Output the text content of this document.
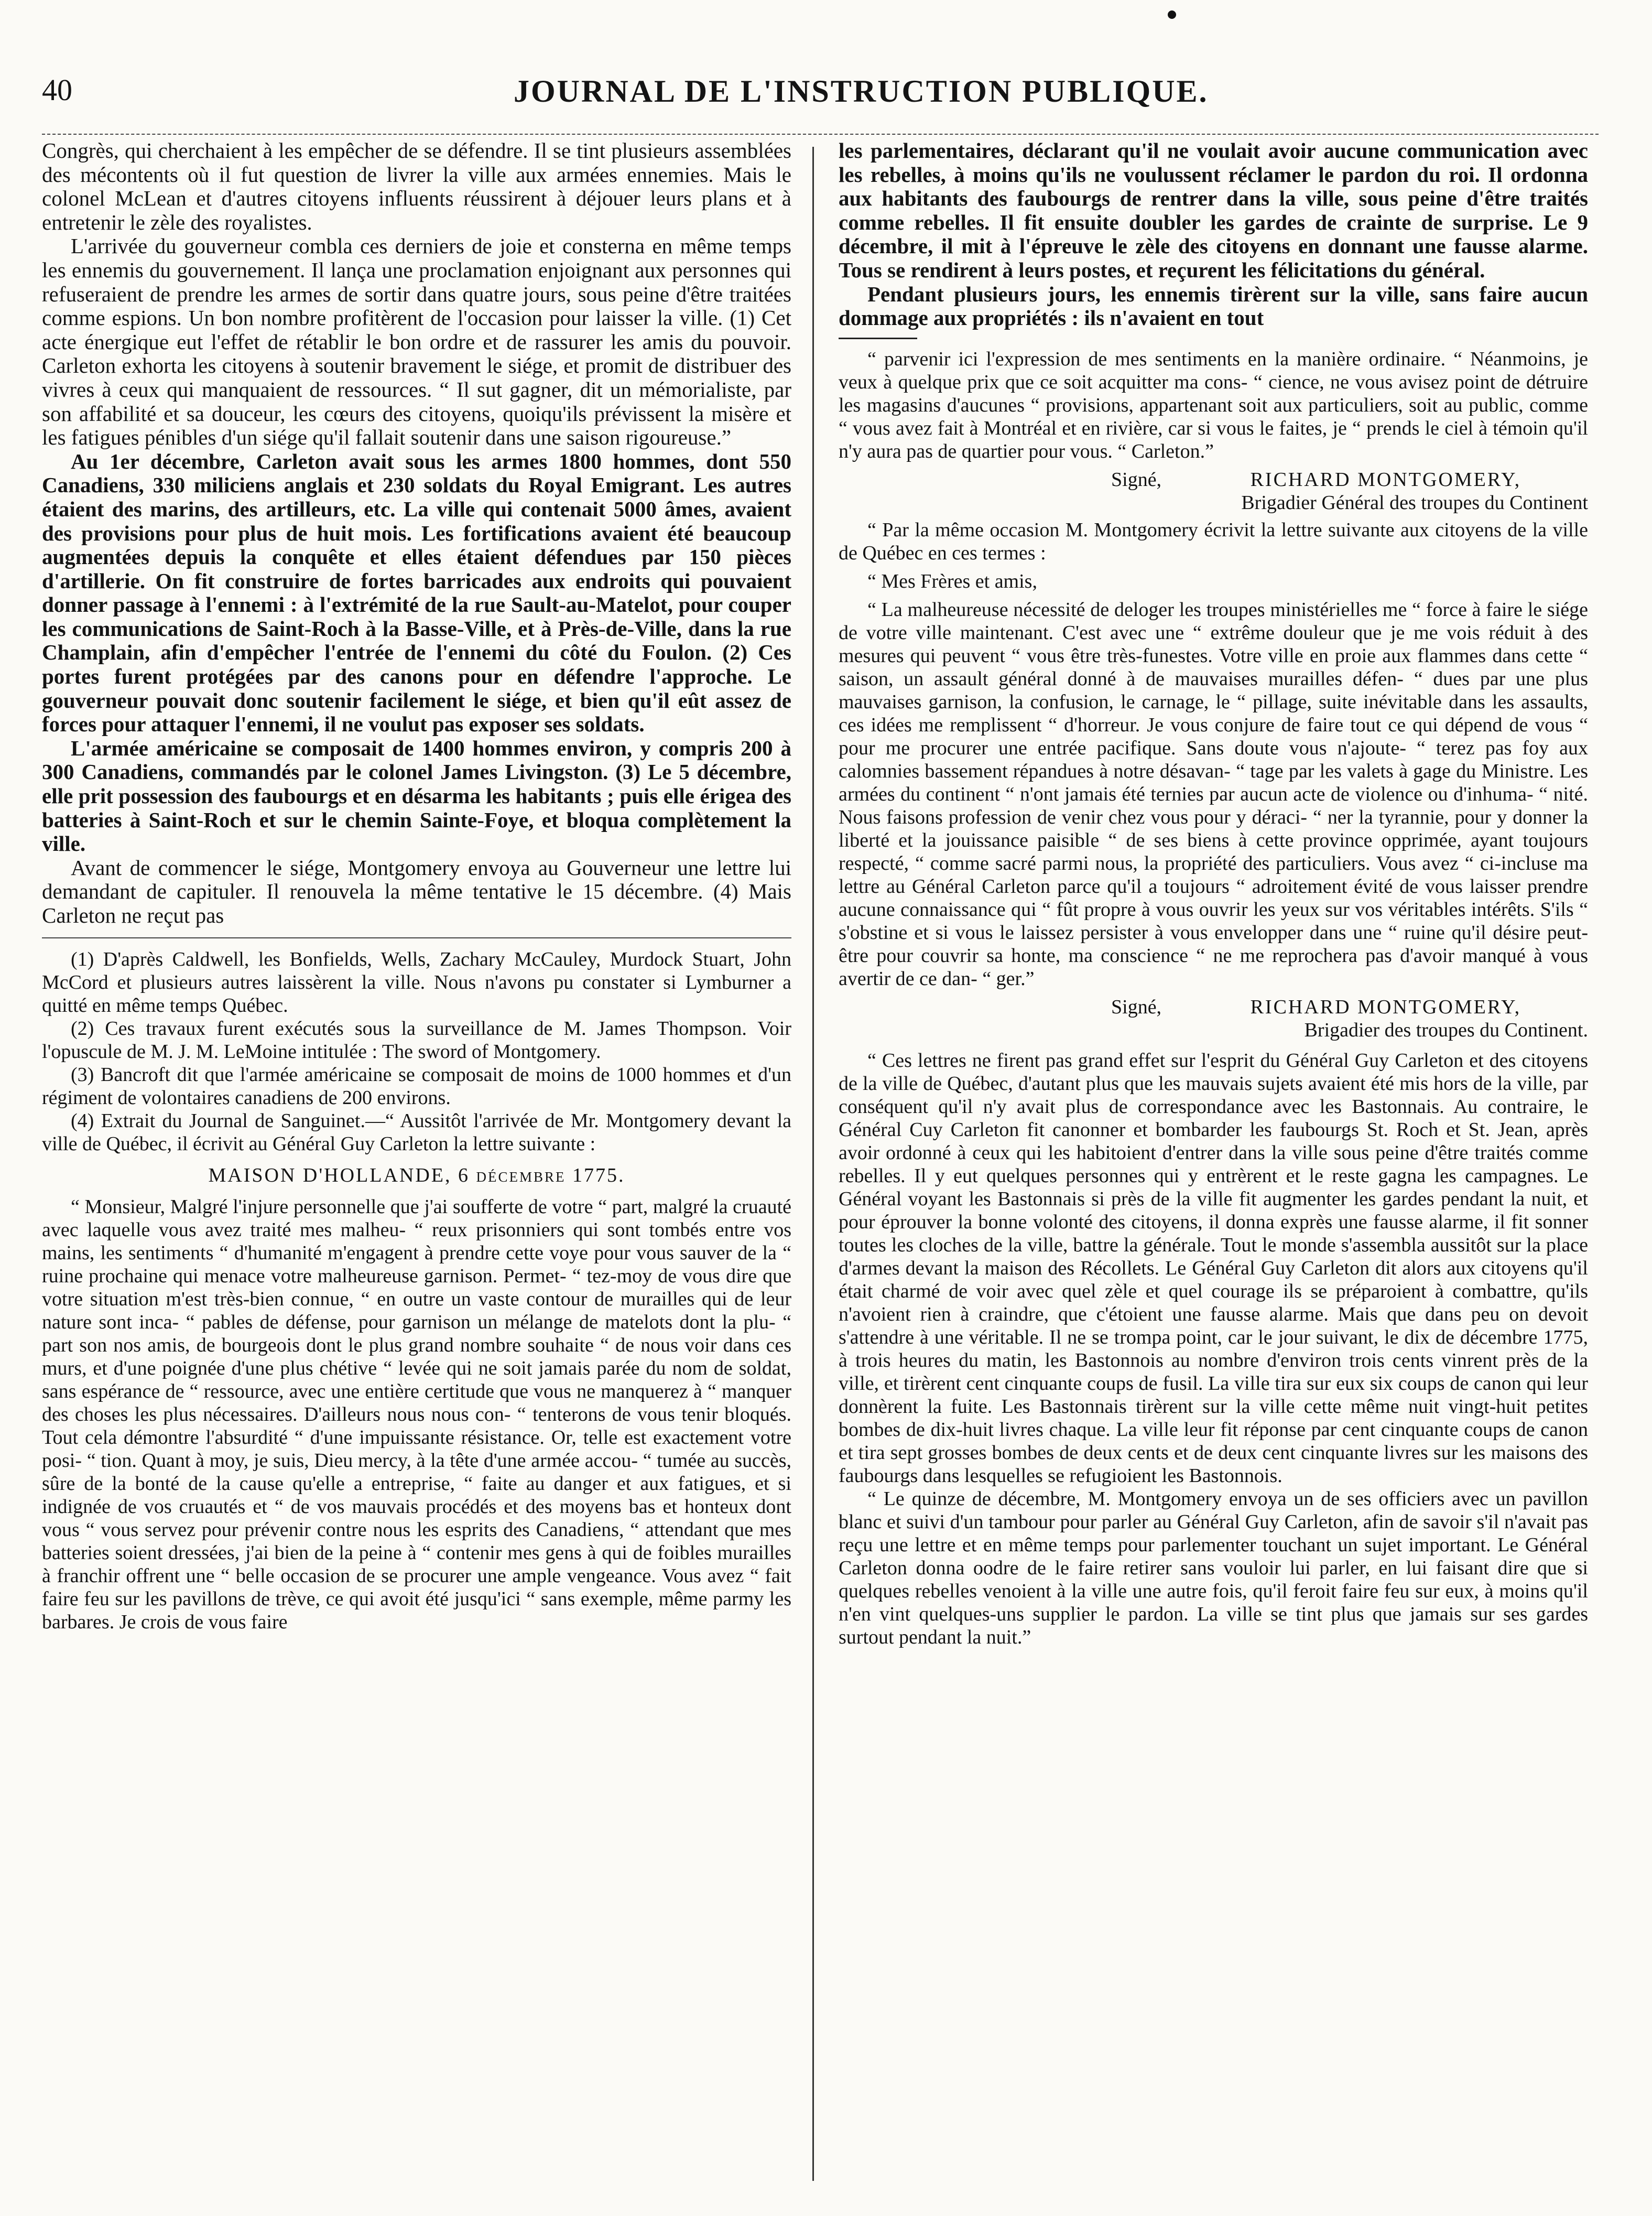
40	JOURNAL DE L'INSTRUCTION PUBLIQUE.

Congrès, qui cherchaient à les empêcher de se défendre. Il se tint plusieurs assemblées des mécontents où il fut question de livrer la ville aux armées ennemies. Mais le colonel McLean et d'autres citoyens influents réussirent à déjouer leurs plans et à entretenir le zèle des royalistes.

L'arrivée du gouverneur combla ces derniers de joie et consterna en même temps les ennemis du gouvernement. Il lança une proclamation enjoignant aux personnes qui refuseraient de prendre les armes de sortir dans quatre jours, sous peine d'être traitées comme espions. Un bon nombre profitèrent de l'occasion pour laisser la ville. (1) Cet acte énergique eut l'effet de rétablir le bon ordre et de rassurer les amis du pouvoir. Carleton exhorta les citoyens à soutenir bravement le siége, et promit de distribuer des vivres à ceux qui manquaient de ressources. “ Il sut gagner, dit un mémorialiste, par son affabilité et sa douceur, les cœurs des citoyens, quoiqu'ils prévissent la misère et les fatigues pénibles d'un siége qu'il fallait soutenir dans une saison rigoureuse.”

Au 1er décembre, Carleton avait sous les armes 1800 hommes, dont 550 Canadiens, 330 miliciens anglais et 230 soldats du Royal Emigrant. Les autres étaient des marins, des artilleurs, etc. La ville qui contenait 5000 âmes, avaient des provisions pour plus de huit mois. Les fortifications avaient été beaucoup augmentées depuis la conquête et elles étaient défendues par 150 pièces d'artillerie. On fit construire de fortes barricades aux endroits qui pouvaient donner passage à l'ennemi : à l'extrémité de la rue Sault-au-Matelot, pour couper les communications de Saint-Roch à la Basse-Ville, et à Près-de-Ville, dans la rue Champlain, afin d'empêcher l'entrée de l'ennemi du côté du Foulon. (2) Ces portes furent protégées par des canons pour en défendre l'approche. Le gouverneur pouvait donc soutenir facilement le siége, et bien qu'il eût assez de forces pour attaquer l'ennemi, il ne voulut pas exposer ses soldats.

L'armée américaine se composait de 1400 hommes environ, y compris 200 à 300 Canadiens, commandés par le colonel James Livingston. (3) Le 5 décembre, elle prit possession des faubourgs et en désarma les habitants ; puis elle érigea des batteries à Saint-Roch et sur le chemin Sainte-Foye, et bloqua complètement la ville.

Avant de commencer le siége, Montgomery envoya au Gouverneur une lettre lui demandant de capituler. Il renouvela la même tentative le 15 décembre. (4) Mais Carleton ne reçut pas

(1) D'après Caldwell, les Bonfields, Wells, Zachary McCauley, Murdock Stuart, John McCord et plusieurs autres laissèrent la ville. Nous n'avons pu constater si Lymburner a quitté en même temps Québec.

(2) Ces travaux furent exécutés sous la surveillance de M. James Thompson. Voir l'opuscule de M. J. M. LeMoine intitulée : The sword of Montgomery.

(3) Bancroft dit que l'armée américaine se composait de moins de 1000 hommes et d'un régiment de volontaires canadiens de 200 environs.

(4) Extrait du Journal de Sanguinet.—“ Aussitôt l'arrivée de Mr. Montgomery devant la ville de Québec, il écrivit au Général Guy Carleton la lettre suivante :

MAISON D'HOLLANDE, 6 décembre 1775.

“ Monsieur, Malgré l'injure personnelle que j'ai soufferte de votre “ part, malgré la cruauté avec laquelle vous avez traité mes malheu- “ reux prisonniers qui sont tombés entre vos mains, les sentiments “ d'humanité m'engagent à prendre cette voye pour vous sauver de la “ ruine prochaine qui menace votre malheureuse garnison. Permet- “ tez-moy de vous dire que votre situation m'est très-bien connue, “ en outre un vaste contour de murailles qui de leur nature sont inca- “ pables de défense, pour garnison un mélange de matelots dont la plu- “ part son nos amis, de bourgeois dont le plus grand nombre souhaite “ de nous voir dans ces murs, et d'une poignée d'une plus chétive “ levée qui ne soit jamais parée du nom de soldat, sans espérance de “ ressource, avec une entière certitude que vous ne manquerez à “ manquer des choses les plus nécessaires. D'ailleurs nous nous con- “ tenterons de vous tenir bloqués. Tout cela démontre l'absurdité “ d'une impuissante résistance. Or, telle est exactement votre posi- “ tion. Quant à moy, je suis, Dieu mercy, à la tête d'une armée accou- “ tumée au succès, sûre de la bonté de la cause qu'elle a entreprise, “ faite au danger et aux fatigues, et si indignée de vos cruautés et “ de vos mauvais procédés et des moyens bas et honteux dont vous “ vous servez pour prévenir contre nous les esprits des Canadiens, “ attendant que mes batteries soient dressées, j'ai bien de la peine à “ contenir mes gens à qui de foibles murailles à franchir offrent une “ belle occasion de se procurer une ample vengeance. Vous avez “ fait faire feu sur les pavillons de trève, ce qui avoit été jusqu'ici “ sans exemple, même parmy les barbares. Je crois de vous faire

les parlementaires, déclarant qu'il ne voulait avoir aucune communication avec les rebelles, à moins qu'ils ne voulussent réclamer le pardon du roi. Il ordonna aux habitants des faubourgs de rentrer dans la ville, sous peine d'être traités comme rebelles. Il fit ensuite doubler les gardes de crainte de surprise. Le 9 décembre, il mit à l'épreuve le zèle des citoyens en donnant une fausse alarme. Tous se rendirent à leurs postes, et reçurent les félicitations du général.

Pendant plusieurs jours, les ennemis tirèrent sur la ville, sans faire aucun dommage aux propriétés : ils n'avaient en tout

“ parvenir ici l'expression de mes sentiments en la manière ordinaire. “ Néanmoins, je veux à quelque prix que ce soit acquitter ma cons- “ cience, ne vous avisez point de détruire les magasins d'aucunes “ provisions, appartenant soit aux particuliers, soit au public, comme “ vous avez fait à Montréal et en rivière, car si vous le faites, je “ prends le ciel à témoin qu'il n'y aura pas de quartier pour vous. “ Carleton.”

Signé,	RICHARD MONTGOMERY,

Brigadier Général des troupes du Continent

“ Par la même occasion M. Montgomery écrivit la lettre suivante aux citoyens de la ville de Québec en ces termes :

“ Mes Frères et amis,

“ La malheureuse nécessité de deloger les troupes ministérielles me “ force à faire le siége de votre ville maintenant. C'est avec une “ extrême douleur que je me vois réduit à des mesures qui peuvent “ vous être très-funestes. Votre ville en proie aux flammes dans cette “ saison, un assault général donné à de mauvaises murailles défen- “ dues par une plus mauvaises garnison, la confusion, le carnage, le “ pillage, suite inévitable dans les assaults, ces idées me remplissent “ d'horreur. Je vous conjure de faire tout ce qui dépend de vous “ pour me procurer une entrée pacifique. Sans doute vous n'ajoute- “ terez pas foy aux calomnies bassement répandues à notre désavan- “ tage par les valets à gage du Ministre. Les armées du continent “ n'ont jamais été ternies par aucun acte de violence ou d'inhuma- “ nité. Nous faisons profession de venir chez vous pour y déraci- “ ner la tyrannie, pour y donner la liberté et la jouissance paisible “ de ses biens à cette province opprimée, ayant toujours respecté, “ comme sacré parmi nous, la propriété des particuliers. Vous avez “ ci-incluse ma lettre au Général Carleton parce qu'il a toujours “ adroitement évité de vous laisser prendre aucune connaissance qui “ fût propre à vous ouvrir les yeux sur vos véritables intérêts. S'ils “ s'obstine et si vous le laissez persister à vous envelopper dans une “ ruine qu'il désire peut-être pour couvrir sa honte, ma conscience “ ne me reprochera pas d'avoir manqué à vous avertir de ce dan- “ ger.”

Signé,	RICHARD MONTGOMERY,

Brigadier des troupes du Continent.

“ Ces lettres ne firent pas grand effet sur l'esprit du Général Guy Carleton et des citoyens de la ville de Québec, d'autant plus que les mauvais sujets avaient été mis hors de la ville, par conséquent qu'il n'y avait plus de correspondance avec les Bastonnais. Au contraire, le Général Cuy Carleton fit canonner et bombarder les faubourgs St. Roch et St. Jean, après avoir ordonné à ceux qui les habitoient d'entrer dans la ville sous peine d'être traités comme rebelles. Il y eut quelques personnes qui y entrèrent et le reste gagna les campagnes. Le Général voyant les Bastonnais si près de la ville fit augmenter les gardes pendant la nuit, et pour éprouver la bonne volonté des citoyens, il donna exprès une fausse alarme, il fit sonner toutes les cloches de la ville, battre la générale. Tout le monde s'assembla aussitôt sur la place d'armes devant la maison des Récollets. Le Général Guy Carleton dit alors aux citoyens qu'il était charmé de voir avec quel zèle et quel courage ils se préparoient à combattre, qu'ils n'avoient rien à craindre, que c'étoient une fausse alarme. Mais que dans peu on devoit s'attendre à une véritable. Il ne se trompa point, car le jour suivant, le dix de décembre 1775, à trois heures du matin, les Bastonnois au nombre d'environ trois cents vinrent près de la ville, et tirèrent cent cinquante coups de fusil. La ville tira sur eux six coups de canon qui leur donnèrent la fuite. Les Bastonnais tirèrent sur la ville cette même nuit vingt-huit petites bombes de dix-huit livres chaque. La ville leur fit réponse par cent cinquante coups de canon et tira sept grosses bombes de deux cents et de deux cent cinquante livres sur les maisons des faubourgs dans lesquelles se refugioient les Bastonnois.

“ Le quinze de décembre, M. Montgomery envoya un de ses officiers avec un pavillon blanc et suivi d'un tambour pour parler au Général Guy Carleton, afin de savoir s'il n'avait pas reçu une lettre et en même temps pour parlementer touchant un sujet important. Le Général Carleton donna oodre de le faire retirer sans vouloir lui parler, en lui faisant dire que si quelques rebelles venoient à la ville une autre fois, qu'il feroit faire feu sur eux, à moins qu'il n'en vint quelques-uns supplier le pardon. La ville se tint plus que jamais sur ses gardes surtout pendant la nuit.”
